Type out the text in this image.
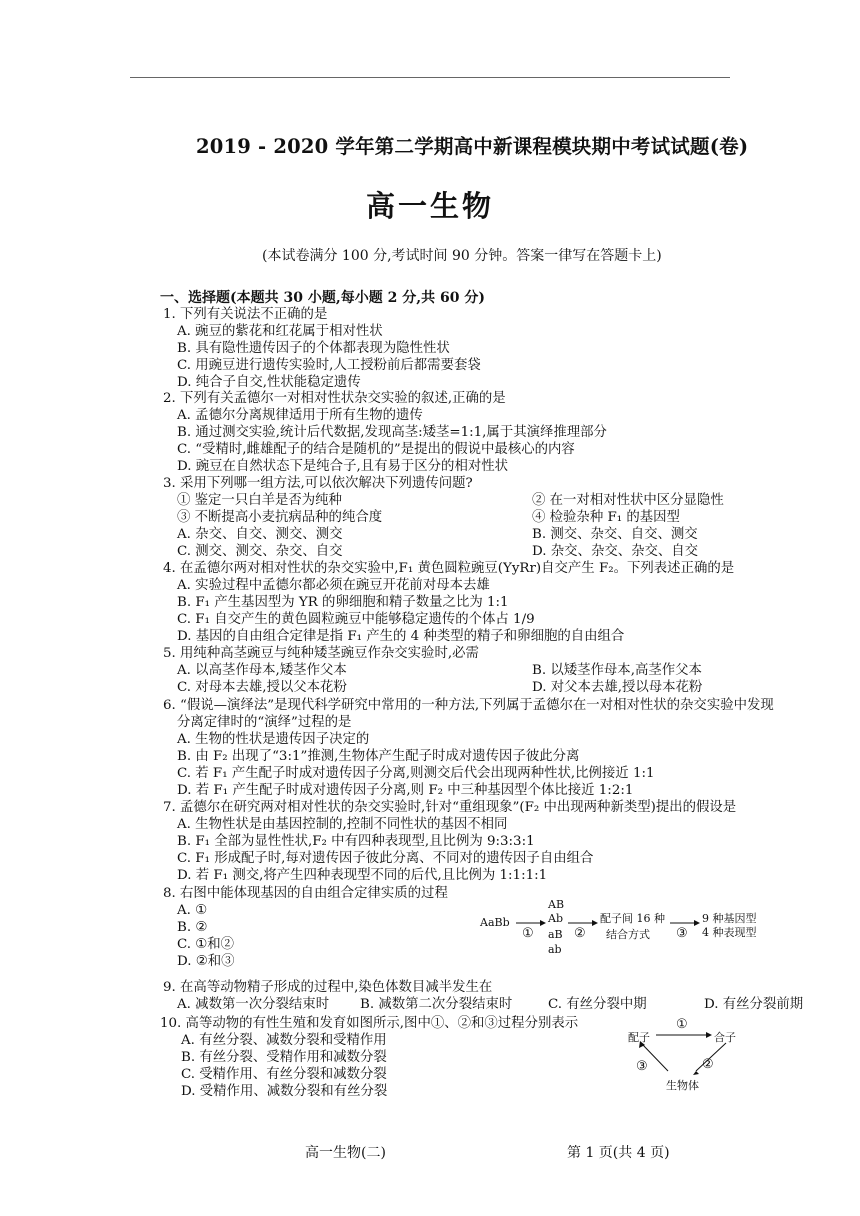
2019 - 2020 学年第二学期高中新课程模块期中考试试题(卷)
高一生物
(本试卷满分 100 分,考试时间 90 分钟。答案一律写在答题卡上)
一、选择题(本题共 30 小题,每小题 2 分,共 60 分)
1. 下列有关说法不正确的是
A. 豌豆的紫花和红花属于相对性状
B. 具有隐性遗传因子的个体都表现为隐性性状
C. 用豌豆进行遗传实验时,人工授粉前后都需要套袋
D. 纯合子自交,性状能稳定遗传
2. 下列有关孟德尔一对相对性状杂交实验的叙述,正确的是
A. 孟德尔分离规律适用于所有生物的遗传
B. 通过测交实验,统计后代数据,发现高茎:矮茎=1:1,属于其演绎推理部分
C. “受精时,雌雄配子的结合是随机的”是提出的假说中最核心的内容
D. 豌豆在自然状态下是纯合子,且有易于区分的相对性状
3. 采用下列哪一组方法,可以依次解决下列遗传问题?
① 鉴定一只白羊是否为纯种	② 在一对相对性状中区分显隐性
③ 不断提高小麦抗病品种的纯合度	④ 检验杂种 F₁ 的基因型
A. 杂交、自交、测交、测交	B. 测交、杂交、自交、测交
C. 测交、测交、杂交、自交	D. 杂交、杂交、杂交、自交
4. 在孟德尔两对相对性状的杂交实验中,F₁ 黄色圆粒豌豆(YyRr)自交产生 F₂。下列表述正确的是
A. 实验过程中孟德尔都必须在豌豆开花前对母本去雄
B. F₁ 产生基因型为 YR 的卵细胞和精子数量之比为 1:1
C. F₁ 自交产生的黄色圆粒豌豆中能够稳定遗传的个体占 1/9
D. 基因的自由组合定律是指 F₁ 产生的 4 种类型的精子和卵细胞的自由组合
5. 用纯种高茎豌豆与纯种矮茎豌豆作杂交实验时,必需
A. 以高茎作母本,矮茎作父本	B. 以矮茎作母本,高茎作父本
C. 对母本去雄,授以父本花粉	D. 对父本去雄,授以母本花粉
6. “假说—演绎法”是现代科学研究中常用的一种方法,下列属于孟德尔在一对相对性状的杂交实验中发现
分离定律时的“演绎”过程的是
A. 生物的性状是遗传因子决定的
B. 由 F₂ 出现了“3:1”推测,生物体产生配子时成对遗传因子彼此分离
C. 若 F₁ 产生配子时成对遗传因子分离,则测交后代会出现两种性状,比例接近 1:1
D. 若 F₁ 产生配子时成对遗传因子分离,则 F₂ 中三种基因型个体比接近 1:2:1
7. 孟德尔在研究两对相对性状的杂交实验时,针对“重组现象”(F₂ 中出现两种新类型)提出的假设是
A. 生物性状是由基因控制的,控制不同性状的基因不相同
B. F₁ 全部为显性性状,F₂ 中有四种表现型,且比例为 9:3:3:1
C. F₁ 形成配子时,每对遗传因子彼此分离、不同对的遗传因子自由组合
D. 若 F₁ 测交,将产生四种表现型不同的后代,且比例为 1:1:1:1
8. 右图中能体现基因的自由组合定律实质的过程
A. ①
B. ②
C. ①和②
D. ②和③
AaBb
AB
Ab
aB
ab
①	②
配子间 16 种
结合方式 ③
9 种基因型
4 种表现型
9. 在高等动物精子形成的过程中,染色体数目减半发生在
A. 减数第一次分裂结束时 B. 减数第二次分裂结束时	C. 有丝分裂中期	D. 有丝分裂前期
10. 高等动物的有性生殖和发育如图所示,图中①、②和③过程分别表示
A. 有丝分裂、减数分裂和受精作用
B. 有丝分裂、受精作用和减数分裂
C. 受精作用、有丝分裂和减数分裂
D. 受精作用、减数分裂和有丝分裂
配子	合子
生物体
①
②
③
高一生物(二)	第 1 页(共 4 页)
